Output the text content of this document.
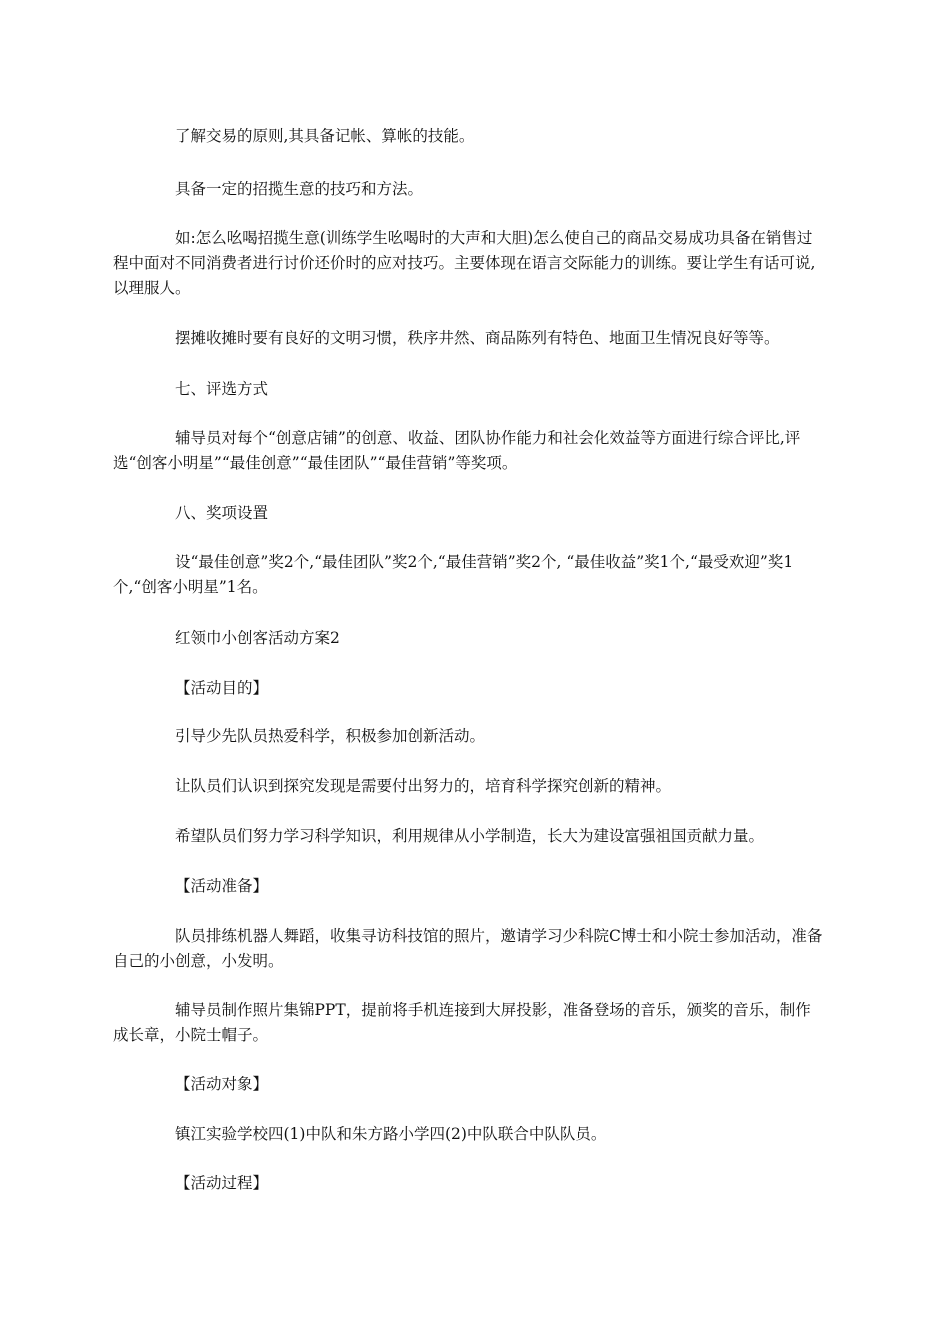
了解交易的原则,其具备记帐、算帐的技能。

具备一定的招揽生意的技巧和方法。

如:怎么吆喝招揽生意(训练学生吆喝时的大声和大胆)怎么使自己的商品交易成功具备在销售过程中面对不同消费者进行讨价还价时的应对技巧。主要体现在语言交际能力的训练。要让学生有话可说,以理服人。

摆摊收摊时要有良好的文明习惯，秩序井然、商品陈列有特色、地面卫生情况良好等等。

七、评选方式

辅导员对每个“创意店铺”的创意、收益、团队协作能力和社会化效益等方面进行综合评比,评选“创客小明星”“最佳创意”“最佳团队”“最佳营销”等奖项。

八、奖项设置

设“最佳创意”奖2个,“最佳团队”奖2个,“最佳营销”奖2个, “最佳收益”奖1个,“最受欢迎”奖1个,“创客小明星”1名。

红领巾小创客活动方案2

【活动目的】

引导少先队员热爱科学，积极参加创新活动。

让队员们认识到探究发现是需要付出努力的，培育科学探究创新的精神。

希望队员们努力学习科学知识，利用规律从小学制造，长大为建设富强祖国贡献力量。

【活动准备】

队员排练机器人舞蹈，收集寻访科技馆的照片，邀请学习少科院C博士和小院士参加活动，准备自己的小创意，小发明。

辅导员制作照片集锦PPT，提前将手机连接到大屏投影，准备登场的音乐，颁奖的音乐，制作成长章，小院士帽子。

【活动对象】

镇江实验学校四(1)中队和朱方路小学四(2)中队联合中队队员。

【活动过程】
